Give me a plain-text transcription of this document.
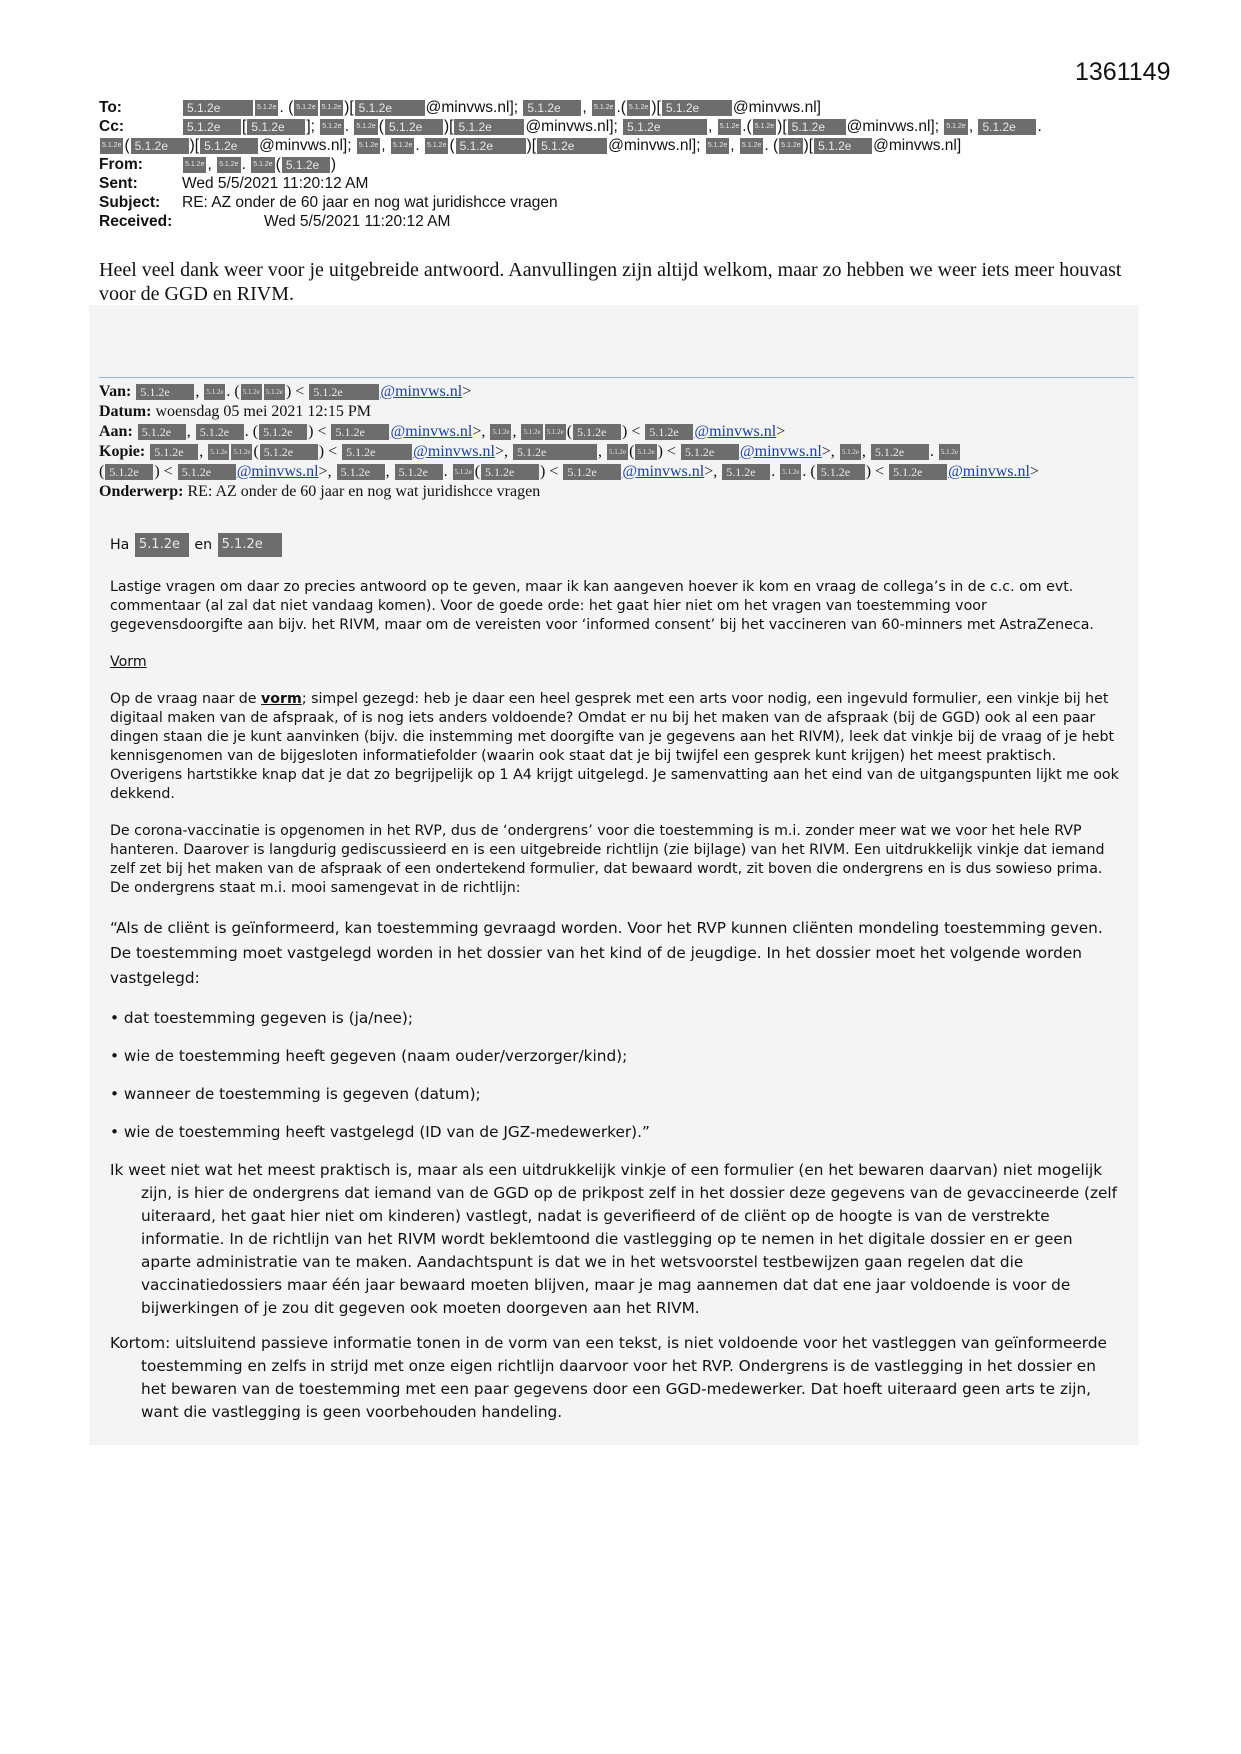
1361149
To:	5.1.2e	5.1.2e . ( 5.1.2e 5.1.2e )[ 5.1.2e	@minvws.nl ]; 5.1.2e	, 5.1.2e .( 5.1.2e )[ 5.1.2e	@minvws.nl ]
Cc:	5.1.2e	[ 5.1.2e	]; 5.1.2e . 5.1.2e ( 5.1.2e	)[ 5.1.2e	@minvws.nl ]; 5.1.2e	, 5.1.2e .( 5.1.2e )[ 5.1.2e	@minvws.nl ]; 5.1.2e , 5.1.2e	.
5.1.2e ( 5.1.2e	)[ 5.1.2e	@minvws.nl ]; 5.1.2e , 5.1.2e . 5.1.2e ( 5.1.2e	)[ 5.1.2e	@minvws.nl ]; 5.1.2e , 5.1.2e . ( 5.1.2e )[ 5.1.2e	@minvws.nl ]
From:	5.1.2e , 5.1.2e . 5.1.2e ( 5.1.2e )
Sent:	Wed 5/5/2021 11:20:12 AM
Subject:	RE: AZ onder de 60 jaar en nog wat juridishcce vragen
Received:	Wed 5/5/2021 11:20:12 AM
Heel veel dank weer voor je uitgebreide antwoord. Aanvullingen zijn altijd welkom, maar zo hebben we weer iets meer houvast voor de GGD en RIVM.
Van: 5.1.2e , 5.1.2e . ( 5.1.2e 5.1.2e ) < 5.1.2e @minvws.nl>
Datum: woensdag 05 mei 2021 12:15 PM
Aan: 5.1.2e , 5.1.2e . ( 5.1.2e ) < 5.1.2e @minvws.nl>, 5.1.2e , 5.1.2e 5.1.2e ( 5.1.2e ) < 5.1.2e @minvws.nl>
Kopie: 5.1.2e , 5.1.2e 5.1.2e ( 5.1.2e ) < 5.1.2e @minvws.nl>, 5.1.2e	, 5.1.2e ( 5.1.2e ) < 5.1.2e @minvws.nl>, 5.1.2e , 5.1.2e . 5.1.2e
( 5.1.2e ) < 5.1.2e @minvws.nl>, 5.1.2e , 5.1.2e . 5.1.2e ( 5.1.2e ) < 5.1.2e @minvws.nl>, 5.1.2e . 5.1.2e . ( 5.1.2e ) < 5.1.2e @minvws.nl>
Onderwerp: RE: AZ onder de 60 jaar en nog wat juridishcce vragen
Ha
5.1.2e
	en
5.1.2e

Lastige vragen om daar zo precies antwoord op te geven, maar ik kan aangeven hoever ik kom en vraag de collega’s in de c.c. om evt. commentaar (al zal dat niet vandaag komen). Voor de goede orde: het gaat hier niet om het vragen van toestemming voor gegevensdoorgifte aan bijv. het RIVM, maar om de vereisten voor ‘informed consent’ bij het vaccineren van 60-minners met AstraZeneca.

Vorm

Op de vraag naar de vorm; simpel gezegd: heb je daar een heel gesprek met een arts voor nodig, een ingevuld formulier, een vinkje bij het digitaal maken van de afspraak, of is nog iets anders voldoende? Omdat er nu bij het maken van de afspraak (bij de GGD) ook al een paar dingen staan die je kunt aanvinken (bijv. die instemming met doorgifte van je gegevens aan het RIVM), leek dat vinkje bij de vraag of je hebt kennisgenomen van de bijgesloten informatiefolder (waarin ook staat dat je bij twijfel een gesprek kunt krijgen) het meest praktisch. Overigens hartstikke knap dat je dat zo begrijpelijk op 1 A4 krijgt uitgelegd. Je samenvatting aan het eind van de uitgangspunten lijkt me ook dekkend.

De corona-vaccinatie is opgenomen in het RVP, dus de ‘ondergrens’ voor die toestemming is m.i. zonder meer wat we voor het hele RVP hanteren. Daarover is langdurig gediscussieerd en is een uitgebreide richtlijn (zie bijlage) van het RIVM. Een uitdrukkelijk vinkje dat iemand zelf zet bij het maken van de afspraak of een ondertekend formulier, dat bewaard wordt, zit boven die ondergrens en is dus sowieso prima. De ondergrens staat m.i. mooi samengevat in de richtlijn:

“Als de cliënt is geïnformeerd, kan toestemming gevraagd worden. Voor het RVP kunnen cliënten mondeling toestemming geven. De toestemming moet vastgelegd worden in het dossier van het kind of de jeugdige. In het dossier moet het volgende worden vastgelegd:

• dat toestemming gegeven is (ja/nee);

• wie de toestemming heeft gegeven (naam ouder/verzorger/kind);

• wanneer de toestemming is gegeven (datum);

• wie de toestemming heeft vastgelegd (ID van de JGZ-medewerker).”

Ik weet niet wat het meest praktisch is, maar als een uitdrukkelijk vinkje of een formulier (en het bewaren daarvan) niet mogelijk zijn, is hier de ondergrens dat iemand van de GGD op de prikpost zelf in het dossier deze gegevens van de gevaccineerde (zelf uiteraard, het gaat hier niet om kinderen) vastlegt, nadat is geverifieerd of de cliënt op de hoogte is van de verstrekte informatie. In de richtlijn van het RIVM wordt beklemtoond die vastlegging op te nemen in het digitale dossier en er geen aparte administratie van te maken. Aandachtspunt is dat we in het wetsvoorstel testbewijzen gaan regelen dat die vaccinatiedossiers maar één jaar bewaard moeten blijven, maar je mag aannemen dat dat ene jaar voldoende is voor de bijwerkingen of je zou dit gegeven ook moeten doorgeven aan het RIVM.

Kortom: uitsluitend passieve informatie tonen in de vorm van een tekst, is niet voldoende voor het vastleggen van geïnformeerde toestemming en zelfs in strijd met onze eigen richtlijn daarvoor voor het RVP. Ondergrens is de vastlegging in het dossier en het bewaren van de toestemming met een paar gegevens door een GGD-medewerker. Dat hoeft uiteraard geen arts te zijn, want die vastlegging is geen voorbehouden handeling.
